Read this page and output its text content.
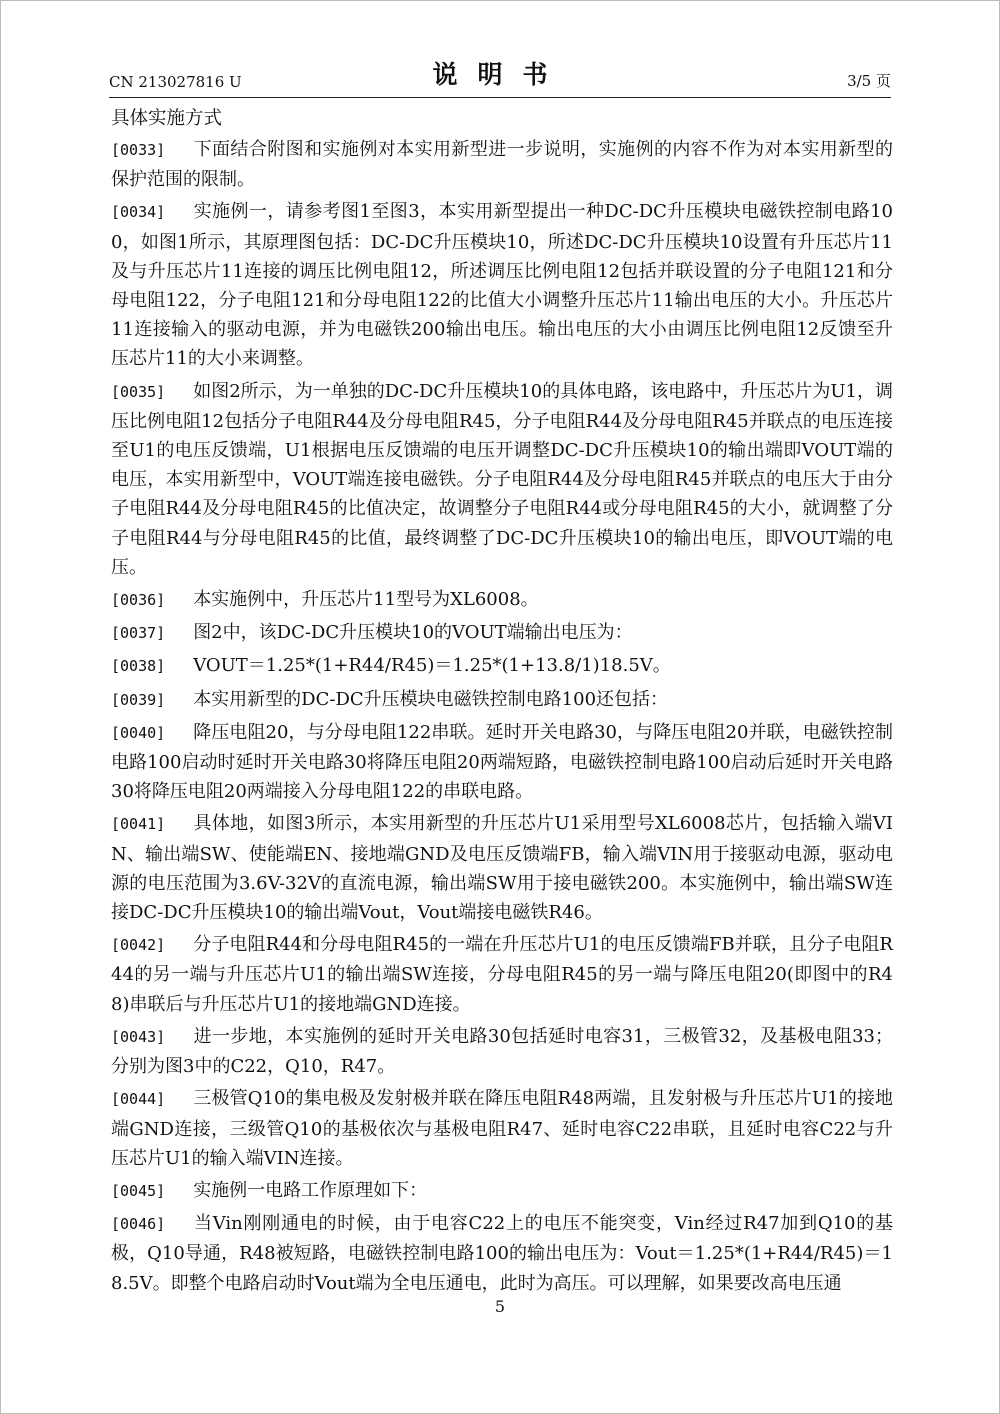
CN 213027816 U	说明书	3/5 页
具体实施方式
[0033] 下面结合附图和实施例对本实用新型进一步说明，实施例的内容不作为对本实用新型的保护范围的限制。
[0034] 实施例一，请参考图1至图3，本实用新型提出一种DC-DC升压模块电磁铁控制电路100，如图1所示，其原理图包括：DC-DC升压模块10，所述DC-DC升压模块10设置有升压芯片11及与升压芯片11连接的调压比例电阻12，所述调压比例电阻12包括并联设置的分子电阻121和分母电阻122，分子电阻121和分母电阻122的比值大小调整升压芯片11输出电压的大小。升压芯片11连接输入的驱动电源，并为电磁铁200输出电压。输出电压的大小由调压比例电阻12反馈至升压芯片11的大小来调整。
[0035] 如图2所示，为一单独的DC-DC升压模块10的具体电路，该电路中，升压芯片为U1，调压比例电阻12包括分子电阻R44及分母电阻R45，分子电阻R44及分母电阻R45并联点的电压连接至U1的电压反馈端，U1根据电压反馈端的电压开调整DC-DC升压模块10的输出端即VOUT端的电压，本实用新型中，VOUT端连接电磁铁。分子电阻R44及分母电阻R45并联点的电压大于由分子电阻R44及分母电阻R45的比值决定，故调整分子电阻R44或分母电阻R45的大小，就调整了分子电阻R44与分母电阻R45的比值，最终调整了DC-DC升压模块10的输出电压，即VOUT端的电压。
[0036] 本实施例中，升压芯片11型号为XL6008。
[0037] 图2中，该DC-DC升压模块10的VOUT端输出电压为：
[0038] VOUT＝1.25*(1+R44/R45)＝1.25*(1+13.8/1)18.5V。
[0039] 本实用新型的DC-DC升压模块电磁铁控制电路100还包括：
[0040] 降压电阻20，与分母电阻122串联。延时开关电路30，与降压电阻20并联，电磁铁控制电路100启动时延时开关电路30将降压电阻20两端短路，电磁铁控制电路100启动后延时开关电路30将降压电阻20两端接入分母电阻122的串联电路。
[0041] 具体地，如图3所示，本实用新型的升压芯片U1采用型号XL6008芯片，包括输入端VIN、输出端SW、使能端EN、接地端GND及电压反馈端FB，输入端VIN用于接驱动电源，驱动电源的电压范围为3.6V-32V的直流电源，输出端SW用于接电磁铁200。本实施例中，输出端SW连接DC-DC升压模块10的输出端Vout，Vout端接电磁铁R46。
[0042] 分子电阻R44和分母电阻R45的一端在升压芯片U1的电压反馈端FB并联，且分子电阻R44的另一端与升压芯片U1的输出端SW连接，分母电阻R45的另一端与降压电阻20(即图中的R48)串联后与升压芯片U1的接地端GND连接。
[0043] 进一步地，本实施例的延时开关电路30包括延时电容31，三极管32，及基极电阻33；分别为图3中的C22，Q10，R47。
[0044] 三极管Q10的集电极及发射极并联在降压电阻R48两端，且发射极与升压芯片U1的接地端GND连接，三级管Q10的基极依次与基极电阻R47、延时电容C22串联，且延时电容C22与升压芯片U1的输入端VIN连接。
[0045] 实施例一电路工作原理如下：
[0046] 当Vin刚刚通电的时候，由于电容C22上的电压不能突变，Vin经过R47加到Q10的基极，Q10导通，R48被短路，电磁铁控制电路100的输出电压为：Vout＝1.25*(1+R44/R45)＝18.5V。即整个电路启动时Vout端为全电压通电，此时为高压。可以理解，如果要改高电压通
5
